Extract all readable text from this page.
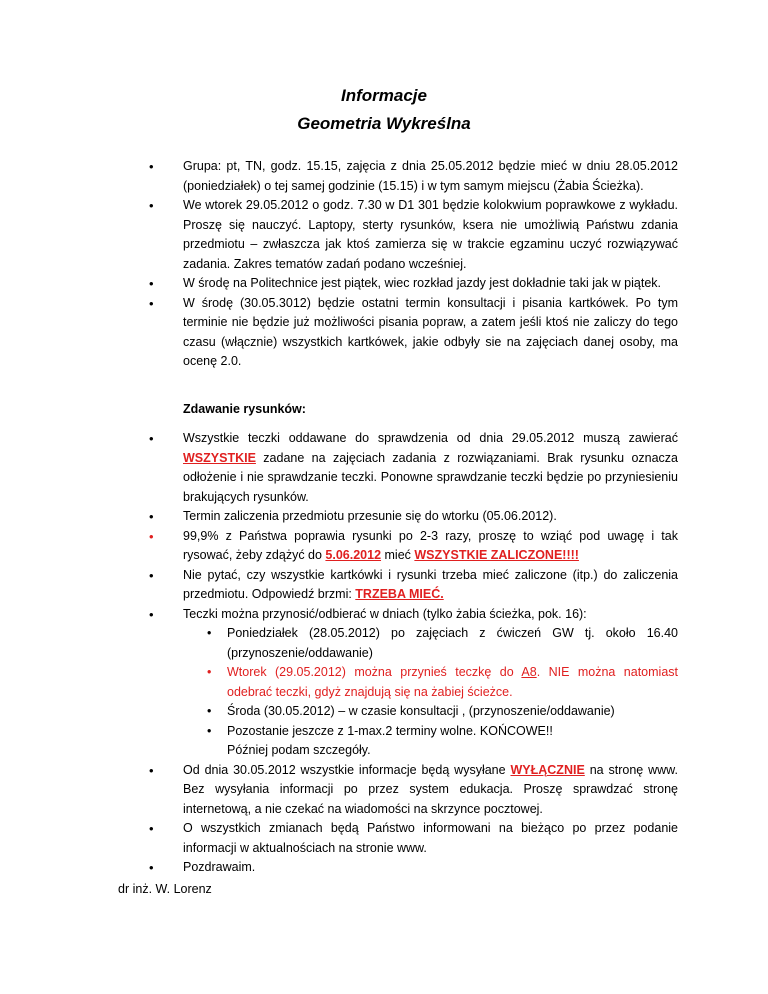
Informacje
Geometria Wykreślna
• Grupa: pt, TN, godz. 15.15, zajęcia z dnia 25.05.2012 będzie mieć w dniu 28.05.2012 (poniedziałek) o tej samej godzinie (15.15) i w tym samym miejscu (Żabia Ścieżka).
• We wtorek 29.05.2012 o godz. 7.30 w D1 301 będzie kolokwium poprawkowe z wykładu. Proszę się nauczyć. Laptopy, sterty rysunków, ksera nie umożliwią Państwu zdania przedmiotu – zwłaszcza jak ktoś zamierza się w trakcie egzaminu uczyć rozwiązywać zadania. Zakres tematów zadań podano wcześniej.
• W środę na Politechnice jest piątek, wiec rozkład jazdy jest dokładnie taki jak w piątek.
• W środę (30.05.3012) będzie ostatni termin konsultacji i pisania kartkówek. Po tym terminie nie będzie już możliwości pisania popraw, a zatem jeśli ktoś nie zaliczy do tego czasu (włącznie) wszystkich kartkówek, jakie odbyły sie na zajęciach danej osoby, ma ocenę 2.0.
Zdawanie rysunków:
• Wszystkie teczki oddawane do sprawdzenia od dnia 29.05.2012 muszą zawierać WSZYSTKIE zadane na zajęciach zadania z rozwiązaniami. Brak rysunku oznacza odłożenie i nie sprawdzanie teczki. Ponowne sprawdzanie teczki będzie po przyniesieniu brakujących rysunków.
• Termin zaliczenia przedmiotu przesunie się do wtorku (05.06.2012).
• 99,9% z Państwa poprawia rysunki po 2-3 razy, proszę to wziąć pod uwagę i tak rysować, żeby zdążyć do 5.06.2012 mieć WSZYSTKIE ZALICZONE!!!!
• Nie pytać, czy wszystkie kartkówki i rysunki trzeba mieć zaliczone (itp.) do zaliczenia przedmiotu. Odpowiedź brzmi: TRZEBA MIEĆ.
• Teczki można przynosić/odbierać w dniach (tylko żabia ścieżka, pok. 16):
• Poniedziałek (28.05.2012) po zajęciach z ćwiczeń GW tj. około 16.40 (przynoszenie/oddawanie)
• Wtorek (29.05.2012) można przynieś teczkę do A8. NIE można natomiast odebrać teczki, gdyż znajdują się na żabiej ścieżce.
• Środa (30.05.2012) – w czasie konsultacji , (przynoszenie/oddawanie)
• Pozostanie jeszcze z 1-max.2 terminy wolne. KOŃCOWE!!
Później podam szczegóły.
• Od dnia 30.05.2012 wszystkie informacje będą wysyłane WYŁĄCZNIE na stronę www. Bez wysyłania informacji po przez system edukacja. Proszę sprawdzać stronę internetową, a nie czekać na wiadomości na skrzynce pocztowej.
• O wszystkich zmianach będą Państwo informowani na bieżąco po przez podanie informacji w aktualnościach na stronie www.
• Pozdrawaim.
dr inż. W. Lorenz
